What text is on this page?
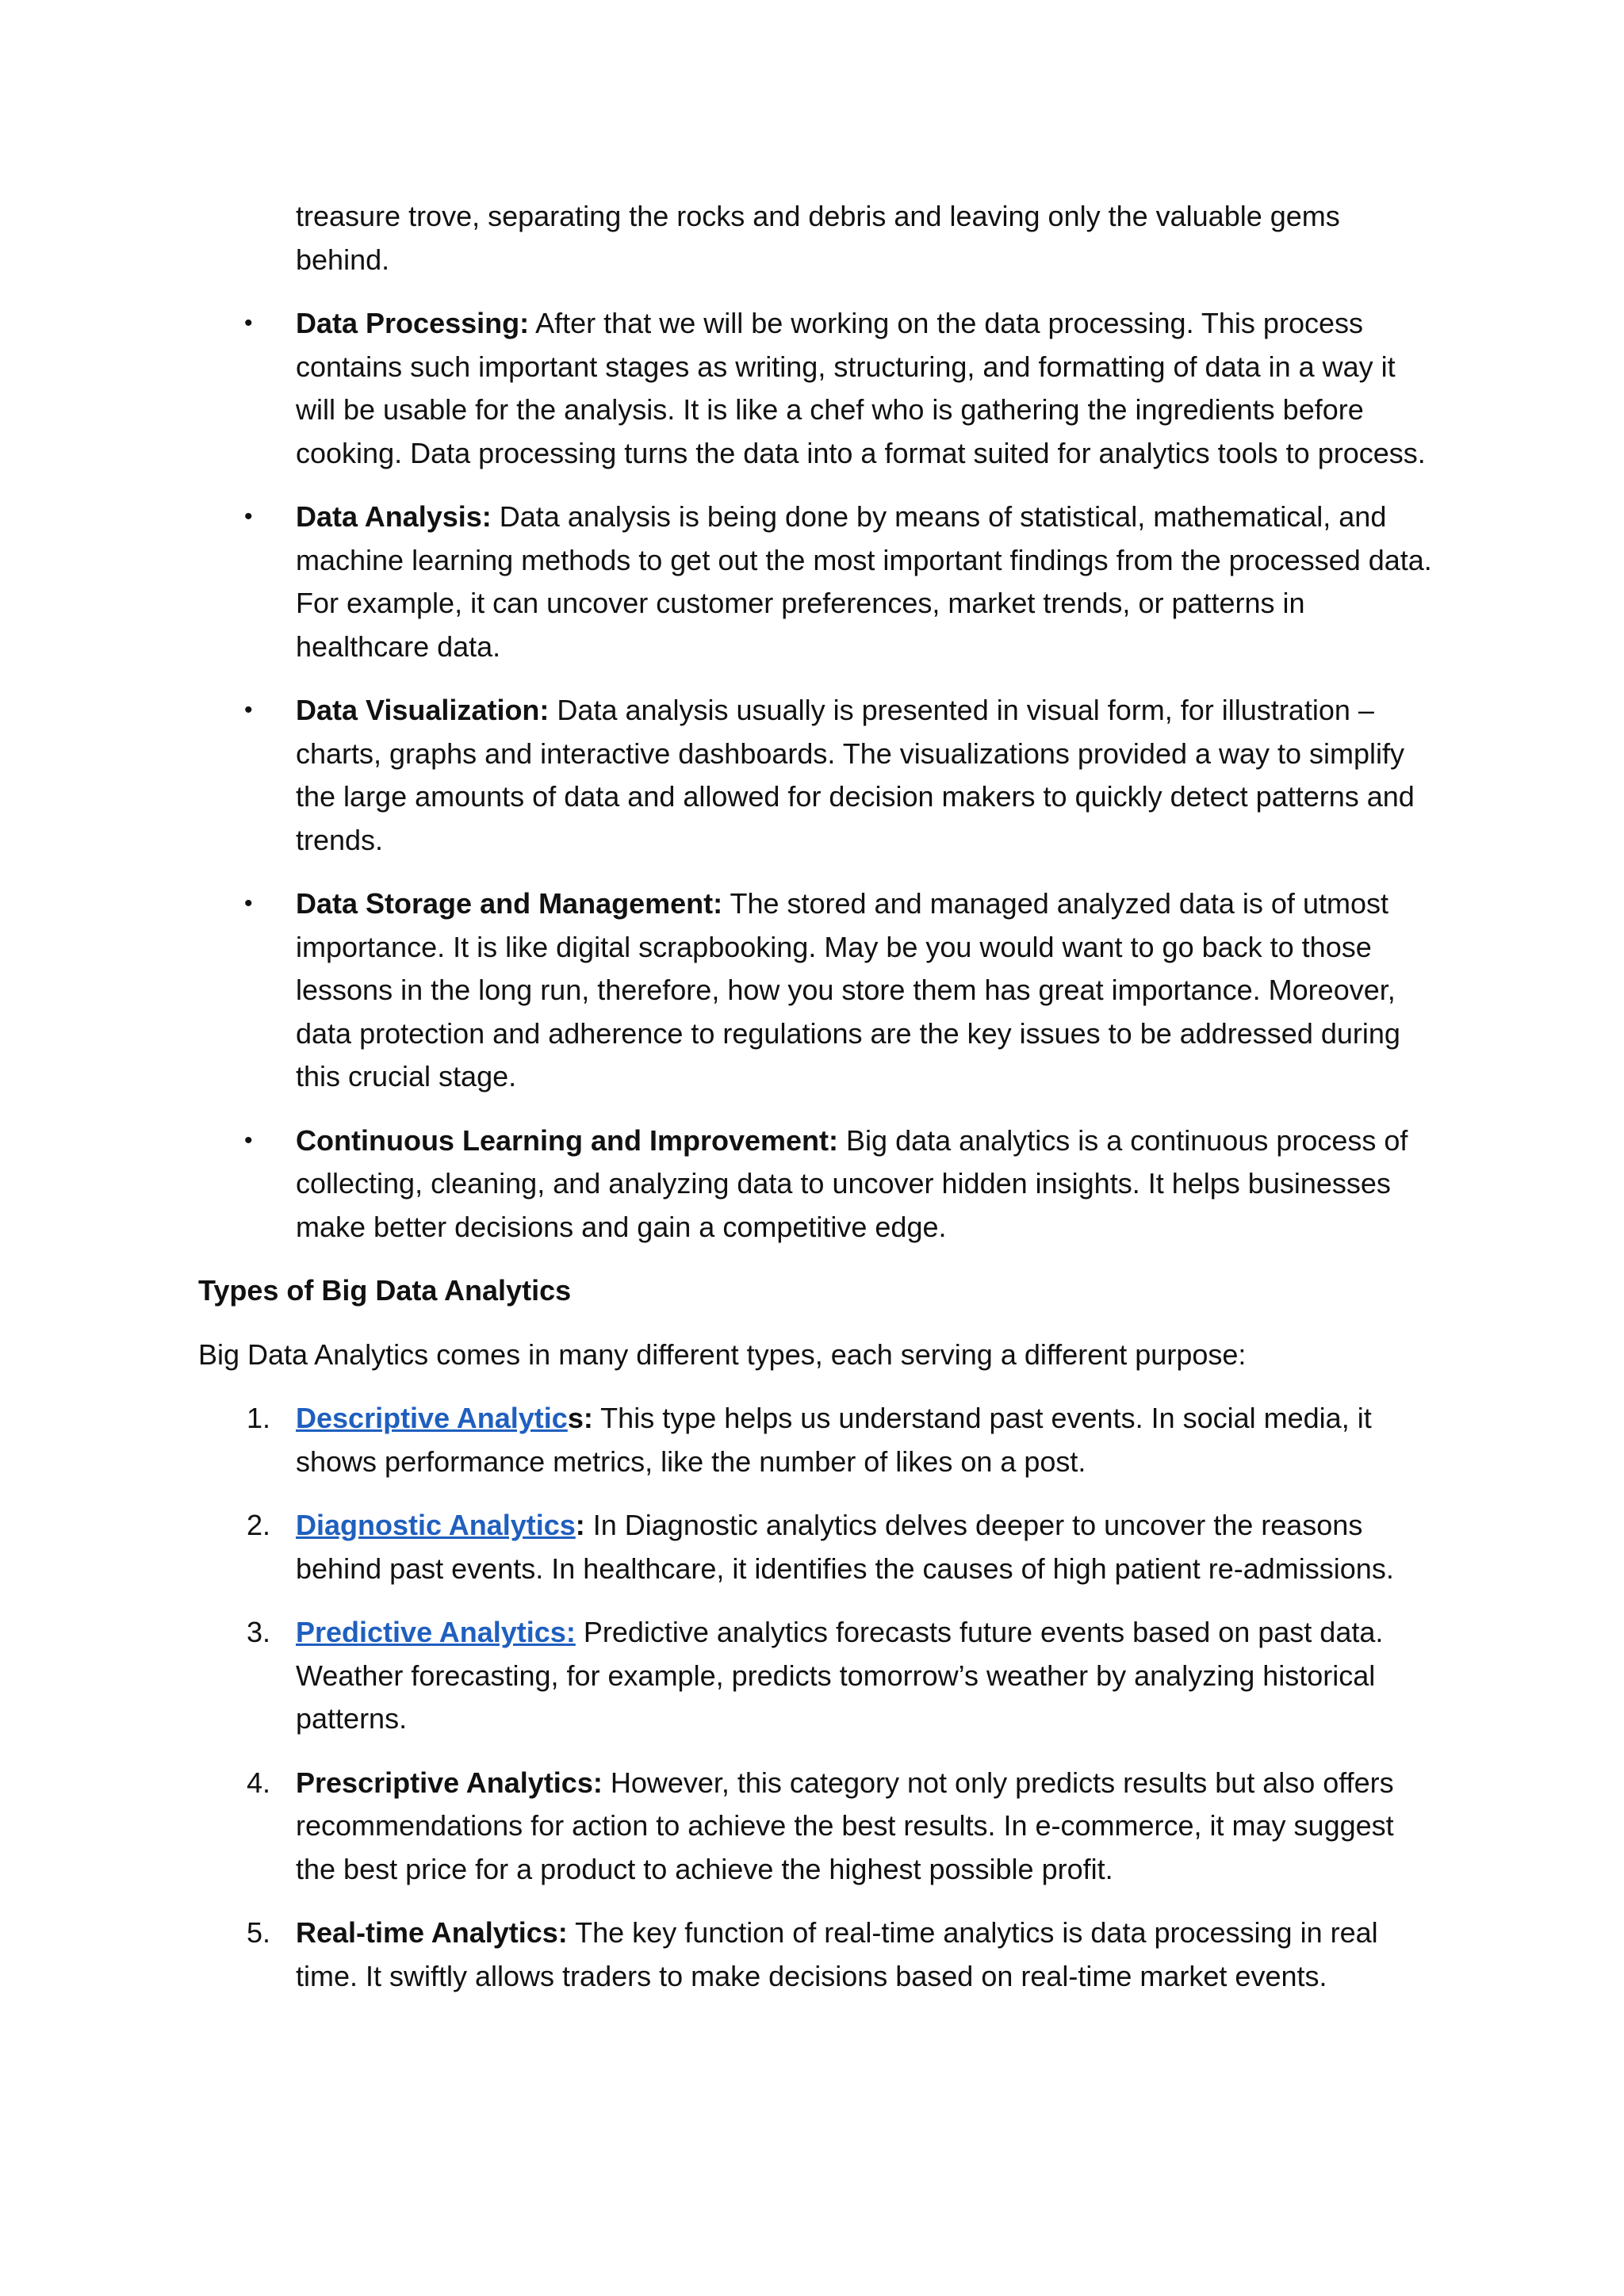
treasure trove, separating the rocks and debris and leaving only the valuable gems behind.

• Data Processing: After that we will be working on the data processing. This process contains such important stages as writing, structuring, and formatting of data in a way it will be usable for the analysis. It is like a chef who is gathering the ingredients before cooking. Data processing turns the data into a format suited for analytics tools to process.
• Data Analysis: Data analysis is being done by means of statistical, mathematical, and machine learning methods to get out the most important findings from the processed data. For example, it can uncover customer preferences, market trends, or patterns in healthcare data.
• Data Visualization: Data analysis usually is presented in visual form, for illustration – charts, graphs and interactive dashboards. The visualizations provided a way to simplify the large amounts of data and allowed for decision makers to quickly detect patterns and trends.
• Data Storage and Management: The stored and managed analyzed data is of utmost importance. It is like digital scrapbooking. May be you would want to go back to those lessons in the long run, therefore, how you store them has great importance. Moreover, data protection and adherence to regulations are the key issues to be addressed during this crucial stage.
• Continuous Learning and Improvement: Big data analytics is a continuous process of collecting, cleaning, and analyzing data to uncover hidden insights. It helps businesses make better decisions and gain a competitive edge.

Types of Big Data Analytics

Big Data Analytics comes in many different types, each serving a different purpose:

1. Descriptive Analytics: This type helps us understand past events. In social media, it shows performance metrics, like the number of likes on a post.
2. Diagnostic Analytics: In Diagnostic analytics delves deeper to uncover the reasons behind past events. In healthcare, it identifies the causes of high patient re-admissions.
3. Predictive Analytics: Predictive analytics forecasts future events based on past data. Weather forecasting, for example, predicts tomorrow’s weather by analyzing historical patterns.
4. Prescriptive Analytics: However, this category not only predicts results but also offers recommendations for action to achieve the best results. In e-commerce, it may suggest the best price for a product to achieve the highest possible profit.
5. Real-time Analytics: The key function of real-time analytics is data processing in real time. It swiftly allows traders to make decisions based on real-time market events.
